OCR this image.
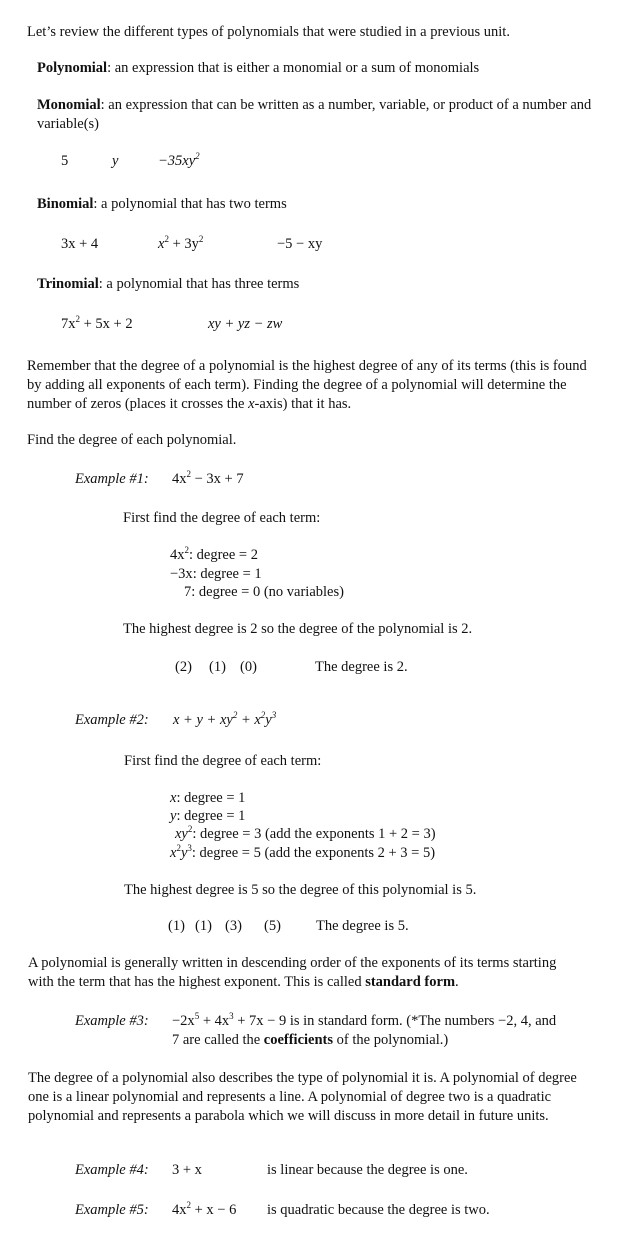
Let’s review the different types of polynomials that were studied in a previous unit.
Polynomial: an expression that is either a monomial or a sum of monomials
Monomial: an expression that can be written as a number, variable, or product of a number and variable(s)
5	y	$-35xy^2$
Binomial: a polynomial that has two terms
3x + 4	$x^2 + 3y^2$	−5 − xy
Trinomial: a polynomial that has three terms
$7x^2 + 5x + 2$	xy + yz − zw
Remember that the degree of a polynomial is the highest degree of any of its terms (this is found by adding all exponents of each term). Finding the degree of a polynomial will determine the number of zeros (places it crosses the x-axis) that it has.
Find the degree of each polynomial.
Example #1: $4x^2 - 3x + 7$
First find the degree of each term:
$4x^2$: degree = 2
−3x: degree = 1
7: degree = 0 (no variables)
The highest degree is 2 so the degree of the polynomial is 2.
(2) (1) (0)	The degree is 2.
Example #2: $x + y + xy^2 + x^2y^3$
First find the degree of each term:
x: degree = 1
y: degree = 1
$xy^2$: degree = 3 (add the exponents 1 + 2 = 3)
$x^2y^3$: degree = 5 (add the exponents 2 + 3 = 5)
The highest degree is 5 so the degree of this polynomial is 5.
(1) (1) (3) (5) The degree is 5.
A polynomial is generally written in descending order of the exponents of its terms starting with the term that has the highest exponent. This is called standard form.
Example #3: $-2x^5 + 4x^3 + 7x - 9$ is in standard form. (*The numbers −2, 4, and
7 are called the coefficients of the polynomial.)
The degree of a polynomial also describes the type of polynomial it is. A polynomial of degree one is a linear polynomial and represents a line. A polynomial of degree two is a quadratic polynomial and represents a parabola which we will discuss in more detail in future units.
Example #4: 3 + x	is linear because the degree is one.
Example #5: $4x^2 + x - 6$ is quadratic because the degree is two.
